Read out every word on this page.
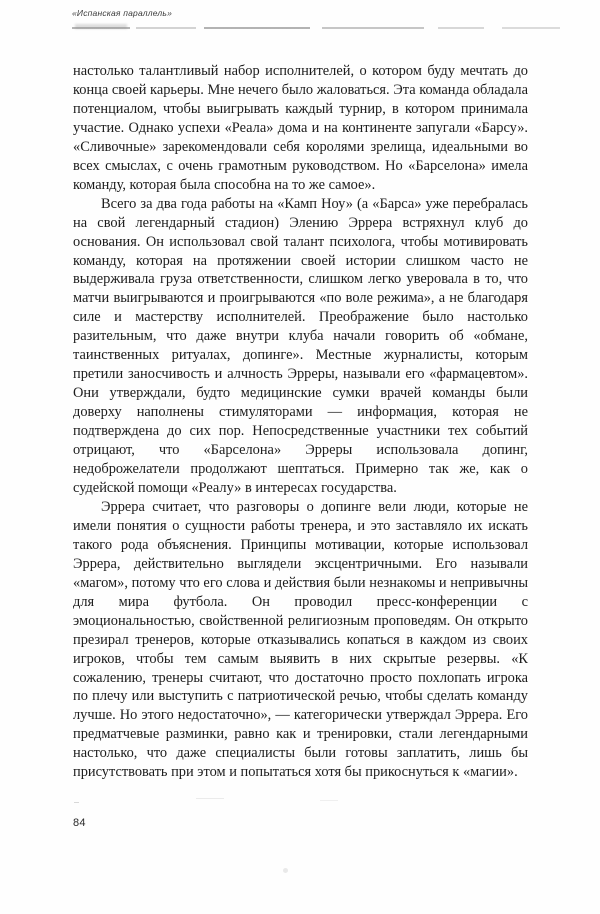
«Испанская параллель»

настолько талантливый набор исполнителей, о котором буду мечтать до конца своей карьеры. Мне нечего было жаловаться. Эта команда обладала потенциалом, чтобы выигрывать каждый турнир, в котором принимала участие. Однако успехи «Реала» дома и на континенте запугали «Барсу». «Сливочные» зарекомендовали себя королями зрелища, идеальными во всех смыслах, с очень грамотным руководством. Но «Барселона» имела команду, которая была способна на то же самое».

Всего за два года работы на «Камп Ноу» (а «Барса» уже перебралась на свой легендарный стадион) Элению Эррера встряхнул клуб до основания. Он использовал свой талант психолога, чтобы мотивировать команду, которая на протяжении своей истории слишком часто не выдерживала груза ответственности, слишком легко уверовала в то, что матчи выигрываются и проигрываются «по воле режима», а не благодаря силе и мастерству исполнителей. Преображение было настолько разительным, что даже внутри клуба начали говорить об «обмане, таинственных ритуалах, допинге». Местные журналисты, которым претили заносчивость и алчность Эрреры, называли его «фармацевтом». Они утверждали, будто медицинские сумки врачей команды были доверху наполнены стимуляторами — информация, которая не подтверждена до сих пор. Непосредственные участники тех событий отрицают, что «Барселона» Эрреры использовала допинг, недоброжелатели продолжают шептаться. Примерно так же, как о судейской помощи «Реалу» в интересах государства.

Эррера считает, что разговоры о допинге вели люди, которые не имели понятия о сущности работы тренера, и это заставляло их искать такого рода объяснения. Принципы мотивации, которые использовал Эррера, действительно выглядели эксцентричными. Его называли «магом», потому что его слова и действия были незнакомы и непривычны для мира футбола. Он проводил пресс-конференции с эмоциональностью, свойственной религиозным проповедям. Он открыто презирал тренеров, которые отказывались копаться в каждом из своих игроков, чтобы тем самым выявить в них скрытые резервы. «К сожалению, тренеры считают, что достаточно просто похлопать игрока по плечу или выступить с патриотической речью, чтобы сделать команду лучше. Но этого недостаточно», — категорически утверждал Эррера. Его предматчевые разминки, равно как и тренировки, стали легендарными настолько, что даже специалисты были готовы заплатить, лишь бы присутствовать при этом и попытаться хотя бы прикоснуться к «магии».

84
